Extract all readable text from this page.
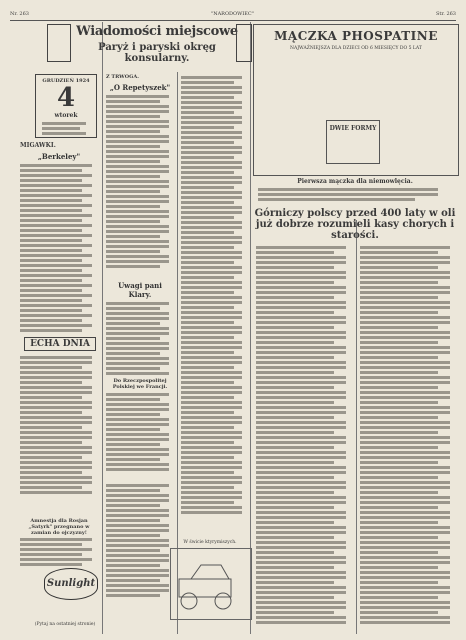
Nr. 263	"NARODOWIEC"	Str. 263
Wiadomości miejscowe
Paryż i paryski okręg konsularny.
GRUDZIEŃ 1924
4
wtorek
MIGAWKI.
„Berkeley"
ECHA DNIA
Amnestja dla Rosjan „Satyrk" przegnano w zamian do ojczyzny!
Sunlight
(Pytaj na ostatniej stronie)
Z TRWOGA.
„O Repetyszek"
Uwagi pani Klary.
Do Rzeczpospolitej Polskiej we Francji.
W świcie ktyrymiszych.
MĄCZKA PHOSPATINE
NAJWAŻNIEJSZA DLA DZIECI OD 6 MIESIĘCY DO 5 LAT
DWIE FORMY
Pierwsza mączka dla niemowlęcia.
Górniczy polscy przed 400 laty w oli już dobrze rozumieli kasy chorych i starości.
